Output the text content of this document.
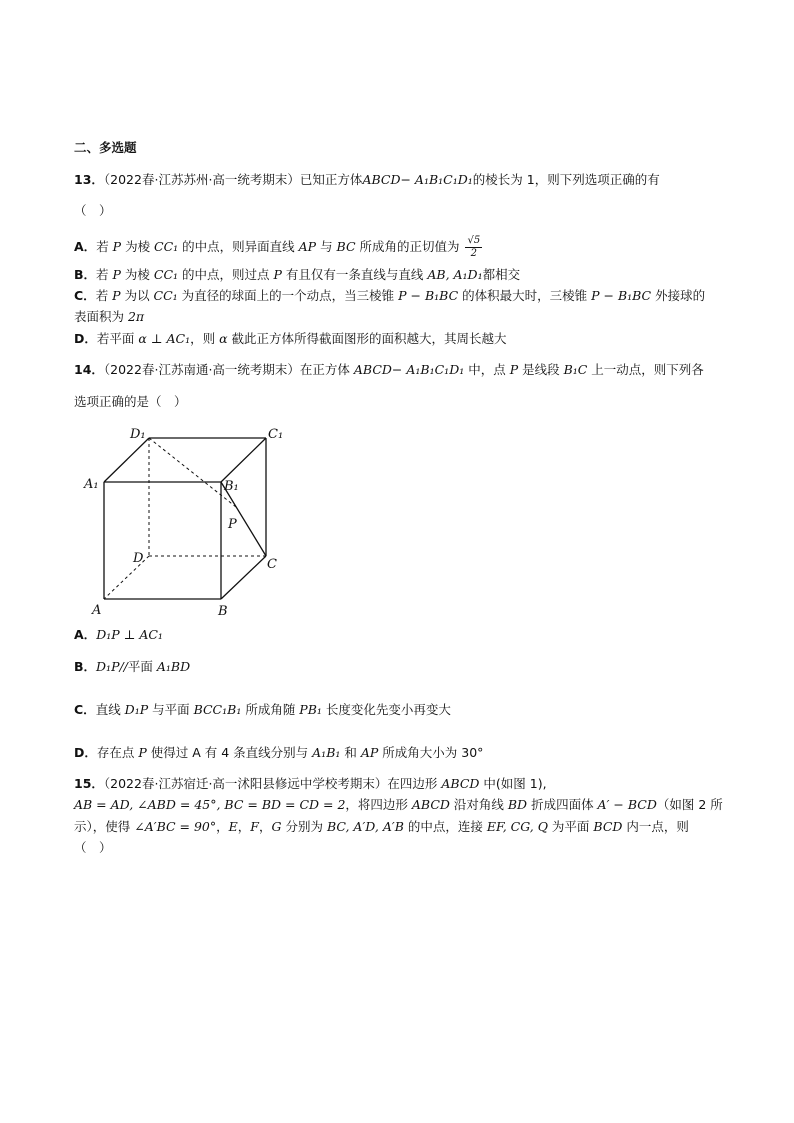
二、多选题
13．（2022春·江苏苏州·高一统考期末）已知正方体ABCD− A₁B₁C₁D₁的棱长为 1，则下列选项正确的有
（　）
A．若 P 为棱 CC₁ 的中点，则异面直线 AP 与 BC 所成角的正切值为 $\frac{√5}{2}$
B．若 P 为棱 CC₁ 的中点，则过点 P 有且仅有一条直线与直线 AB, A₁D₁都相交
C．若 P 为以 CC₁ 为直径的球面上的一个动点，当三棱锥 P − B₁BC 的体积最大时，三棱锥 P − B₁BC 外接球的
表面积为 2π
D．若平面 α ⊥ AC₁，则 α 截此正方体所得截面图形的面积越大，其周长越大
14．（2022春·江苏南通·高一统考期末）在正方体 ABCD− A₁B₁C₁D₁ 中，点 P 是线段 B₁C 上一动点，则下列各
选项正确的是（　）
D₁	C₁
A₁	B₁
P
D	C
A	B
A．D₁P ⊥ AC₁
B．D₁P//平面 A₁BD
C．直线 D₁P 与平面 BCC₁B₁ 所成角随 PB₁ 长度变化先变小再变大
D．存在点 P 使得过 A 有 4 条直线分别与 A₁B₁ 和 AP 所成角大小为 30°
15．（2022春·江苏宿迁·高一沭阳县修远中学校考期末）在四边形 ABCD 中(如图 1),
AB = AD, ∠ABD = 45°, BC = BD = CD = 2，将四边形 ABCD 沿对角线 BD 折成四面体 A′ − BCD（如图 2 所
示），使得 ∠A′BC = 90°，E，F，G 分别为 BC, A′D, A′B 的中点，连接 EF, CG, Q 为平面 BCD 内一点，则
（　）
